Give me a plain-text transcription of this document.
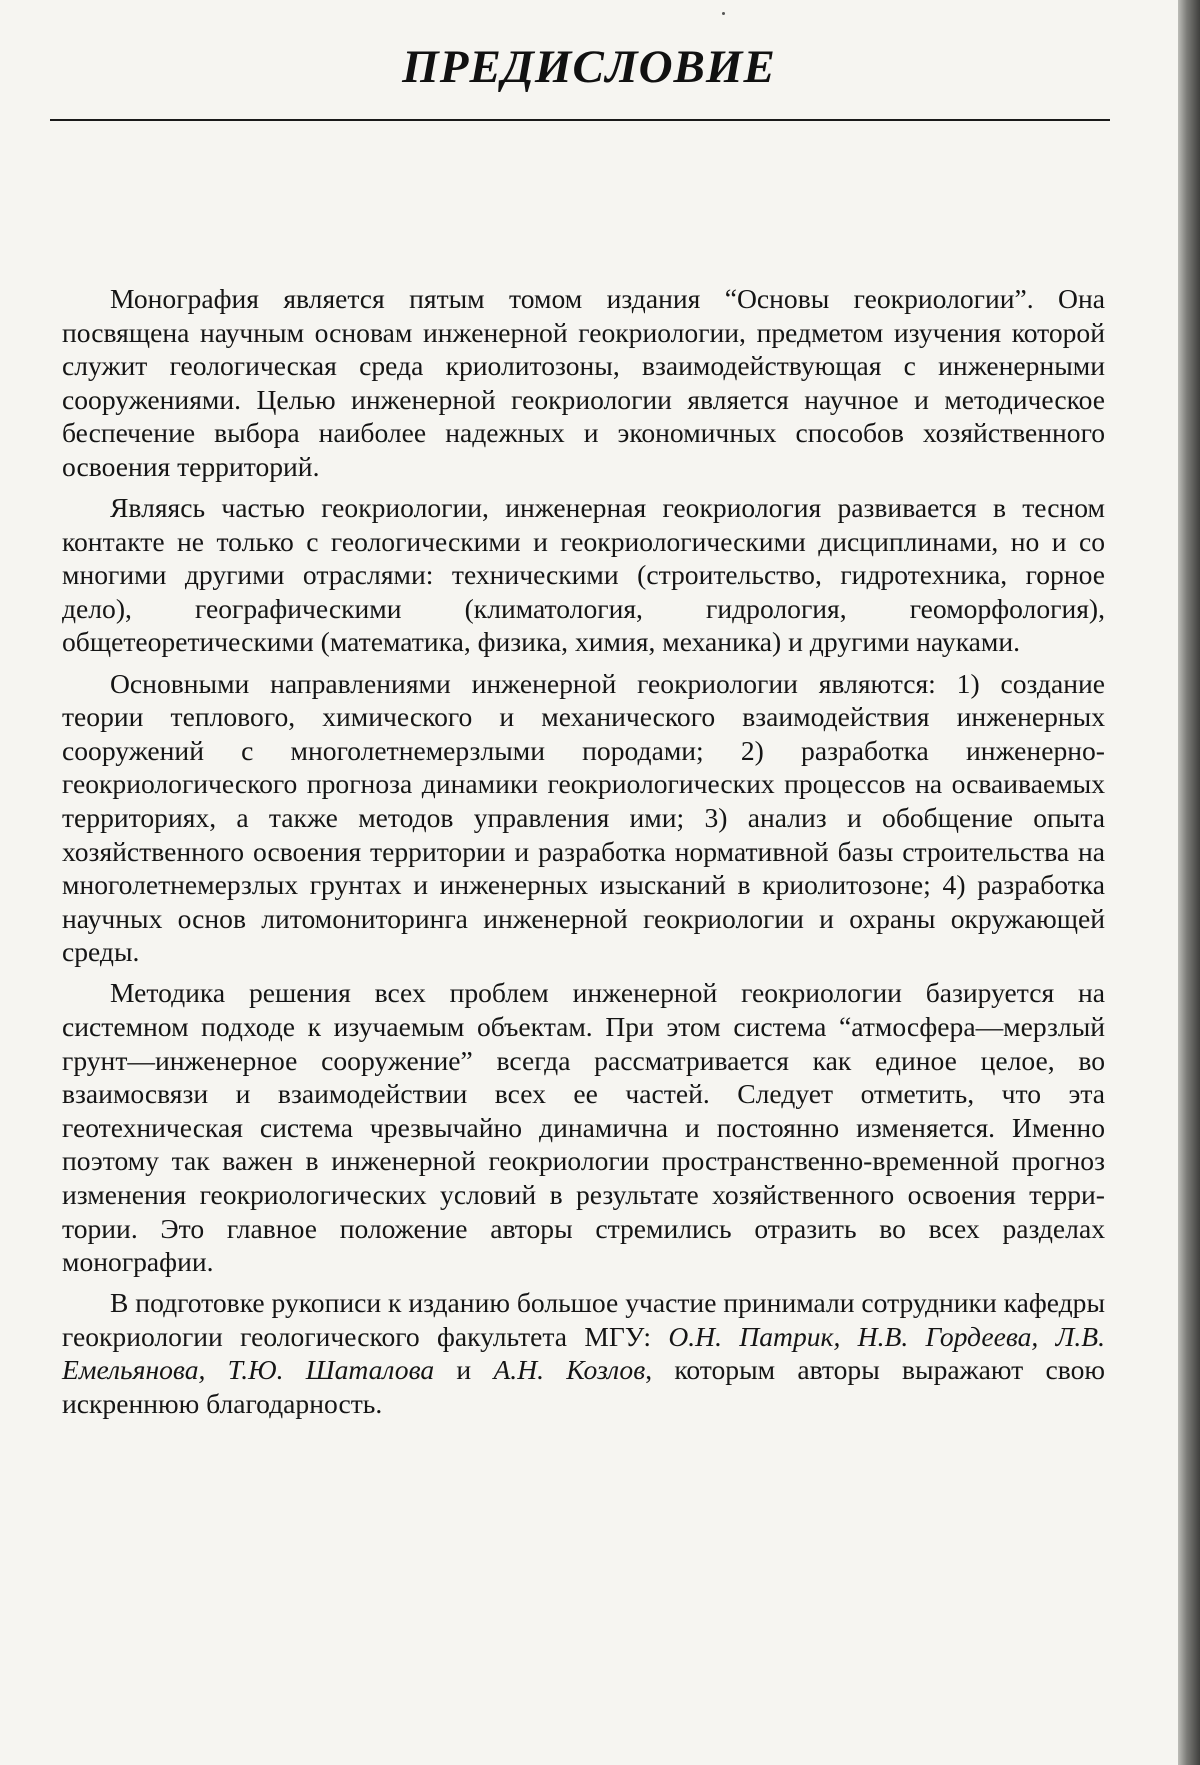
ПРЕДИСЛОВИЕ

Монография является пятым томом издания “Основы геокриологии”. Она посвящена научным основам инженерной геокриологии, предметом изучения которой служит геологическая среда криолитозоны, взаимодействующая с инженерными сооружениями. Целью инженерной геокриологии является научное и методическое беспечение выбора наиболее надежных и экономичных способов хозяйственного освоения территорий.

Являясь частью геокриологии, инженерная геокриология развивается в тесном контакте не только с геологическими и геокриологическими дисциплинами, но и со многими другими отраслями: техническими (строительство, гидротехника, горное дело), географическими (климатология, гидрология, геоморфология), общетеоретическими (математика, физика, химия, механика) и другими науками.

Основными направлениями инженерной геокриологии являются: 1) создание теории теплового, химического и механического взаимодействия инженерных сооружений с многолетнемерзлыми породами; 2) разработка инженерно-геокриологического прогноза динамики геокриологических процессов на осваиваемых территориях, а также методов управления ими; 3) анализ и обобщение опыта хозяйственного освоения территории и разработка нормативной базы строительства на многолетнемерзлых грунтах и инженерных изысканий в криолитозоне; 4) разработка научных основ литомониторинга инженерной геокриологии и охраны окружающей среды.

Методика решения всех проблем инженерной геокриологии базируется на системном подходе к изучаемым объектам. При этом система “атмосфера—мерзлый грунт—инженерное сооружение” всегда рассматривается как единое целое, во взаимосвязи и взаимодействии всех ее частей. Следует отметить, что эта геотехническая система чрезвычайно динамична и постоянно изменяется. Именно поэтому так важен в инженерной геокриологии пространственно-временной прогноз изменения геокриологических условий в результате хозяйственного освоения территории. Это главное положение авторы стремились отразить во всех разделах монографии.

В подготовке рукописи к изданию большое участие принимали сотрудники кафедры геокриологии геологического факультета МГУ: О.Н. Патрик, Н.В. Гордеева, Л.В. Емельянова, Т.Ю. Шаталова и А.Н. Козлов, которым авторы выражают свою искреннюю благодарность.
